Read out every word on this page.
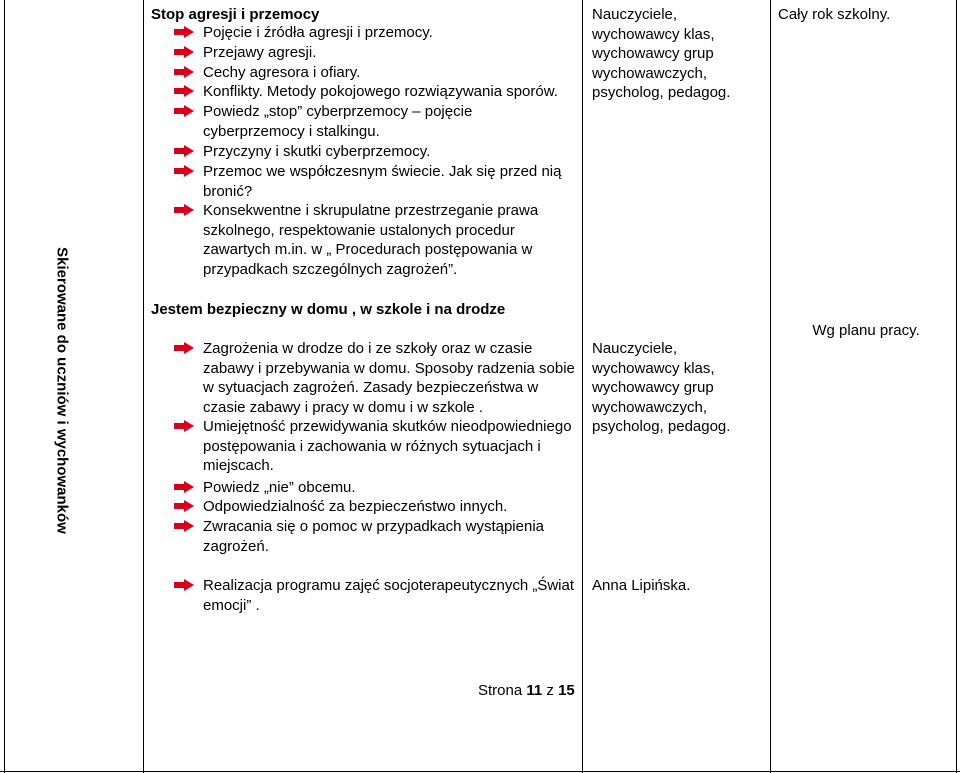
Skierowane do uczniów i wychowanków
Stop agresji i przemocy
Pojęcie i źródła agresji i przemocy.
Przejawy agresji.
Cechy agresora i ofiary.
Konflikty. Metody pokojowego rozwiązywania sporów.
Powiedz „stop” cyberprzemocy – pojęcie cyberprzemocy i stalkingu.
Przyczyny i skutki cyberprzemocy.
Przemoc we współczesnym świecie. Jak się przed nią bronić?
Konsekwentne i skrupulatne przestrzeganie prawa szkolnego, respektowanie ustalonych procedur zawartych m.in. w „ Procedurach postępowania w przypadkach szczególnych zagrożeń”.
Nauczyciele, wychowawcy klas, wychowawcy grup wychowawczych, psycholog, pedagog.
Cały rok szkolny.
Jestem bezpieczny w domu , w szkole i na drodze
Zagrożenia w drodze do i ze szkoły oraz w czasie zabawy i przebywania w domu. Sposoby radzenia sobie w sytuacjach zagrożeń. Zasady bezpieczeństwa w czasie zabawy i pracy w domu i w szkole .
Umiejętność przewidywania skutków nieodpowiedniego postępowania i zachowania w różnych sytuacjach i miejscach.
Powiedz „nie” obcemu.
Odpowiedzialność za bezpieczeństwo innych.
Zwracania się o pomoc w przypadkach wystąpienia zagrożeń.
Nauczyciele, wychowawcy klas, wychowawcy grup wychowawczych, psycholog, pedagog.
Wg planu pracy.
Realizacja programu zajęć socjoterapeutycznych „Świat emocji” .
Anna Lipińska.
Strona 11 z 15
